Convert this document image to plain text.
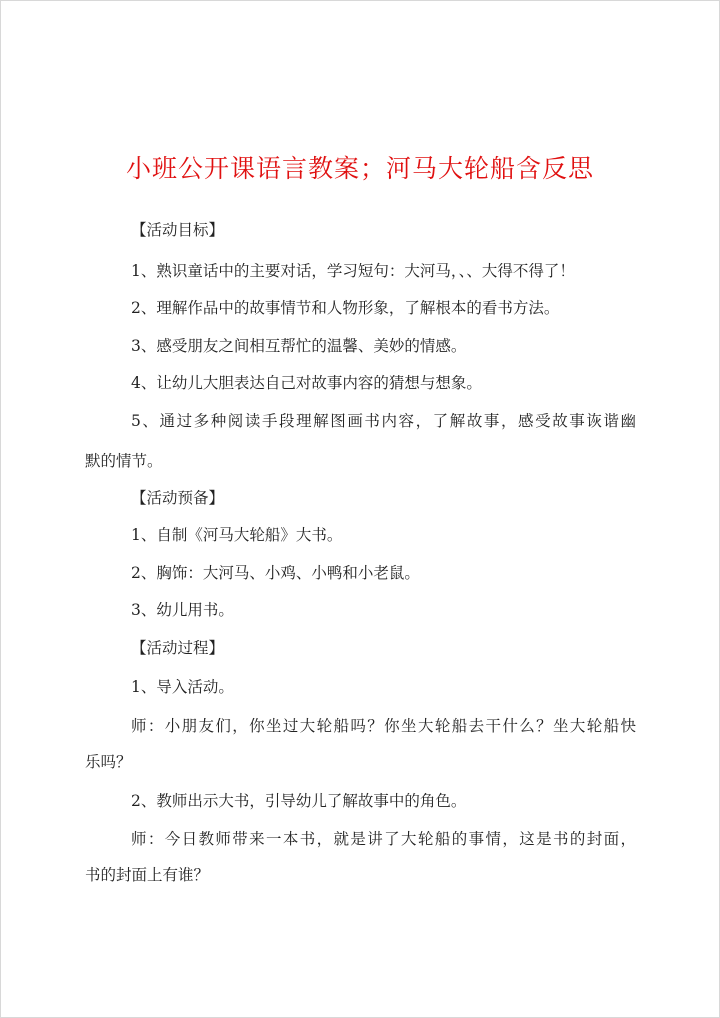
小班公开课语言教案；河马大轮船含反思
【活动目标】
1、熟识童话中的主要对话，学习短句：大河马，、、大得不得了！
2、理解作品中的故事情节和人物形象，了解根本的看书方法。
3、感受朋友之间相互帮忙的温馨、美妙的情感。
4、让幼儿大胆表达自己对故事内容的猜想与想象。
5、通过多种阅读手段理解图画书内容，了解故事，感受故事诙谐幽
默的情节。
【活动预备】
1、自制《河马大轮船》大书。
2、胸饰：大河马、小鸡、小鸭和小老鼠。
3、幼儿用书。
【活动过程】
1、导入活动。
师：小朋友们，你坐过大轮船吗？你坐大轮船去干什么？坐大轮船快
乐吗？
2、教师出示大书，引导幼儿了解故事中的角色。
师：今日教师带来一本书，就是讲了大轮船的事情，这是书的封面，
书的封面上有谁？
